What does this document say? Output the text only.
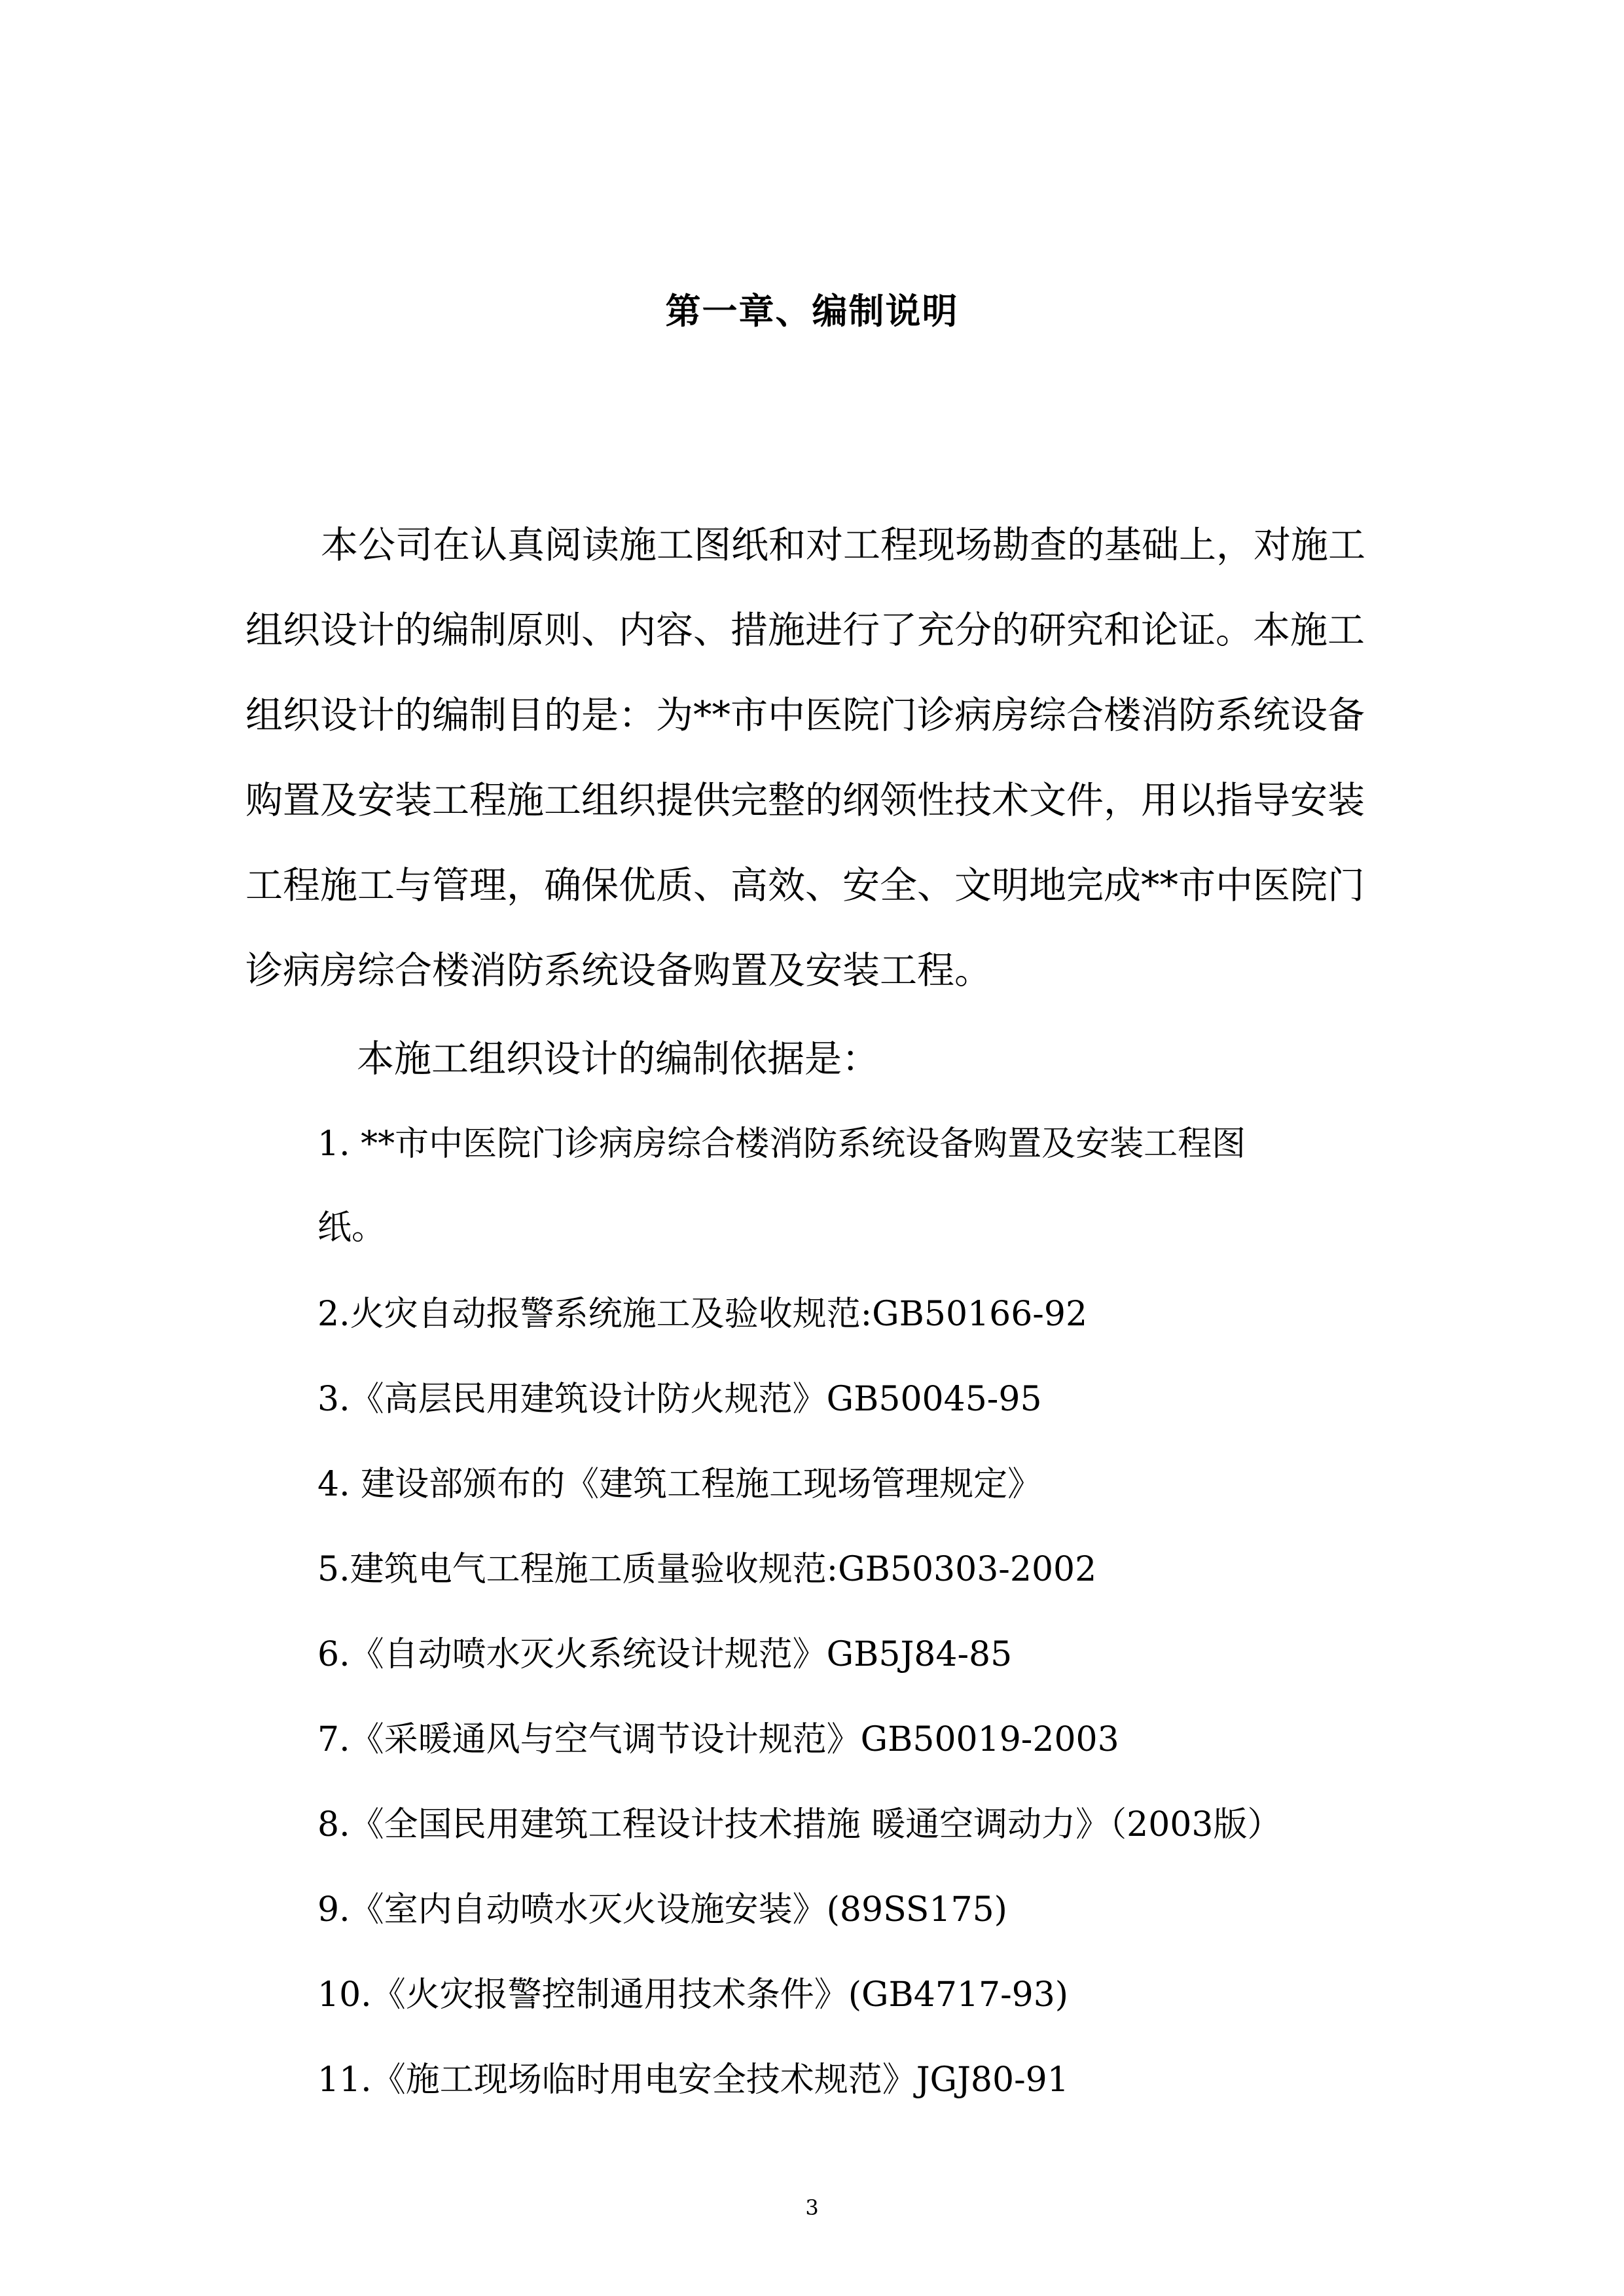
第一章、编制说明
本公司在认真阅读施工图纸和对工程现场勘查的基础上，对施工
组织设计的编制原则、内容、措施进行了充分的研究和论证。本施工
组织设计的编制目的是：为**市中医院门诊病房综合楼消防系统设备
购置及安装工程施工组织提供完整的纲领性技术文件，用以指导安装
工程施工与管理，确保优质、高效、安全、文明地完成**市中医院门
诊病房综合楼消防系统设备购置及安装工程。
本施工组织设计的编制依据是：
1. **市中医院门诊病房综合楼消防系统设备购置及安装工程图
纸。
2.火灾自动报警系统施工及验收规范:GB50166-92
3.《高层民用建筑设计防火规范》GB50045-95
4. 建设部颁布的《建筑工程施工现场管理规定》
5.建筑电气工程施工质量验收规范:GB50303-2002
6.《自动喷水灭火系统设计规范》GB5J84-85
7.《采暖通风与空气调节设计规范》GB50019-2003
8.《全国民用建筑工程设计技术措施 暖通空调动力》（2003版）
9.《室内自动喷水灭火设施安装》(89SS175)
10.《火灾报警控制通用技术条件》(GB4717-93)
11.《施工现场临时用电安全技术规范》JGJ80-91
3
